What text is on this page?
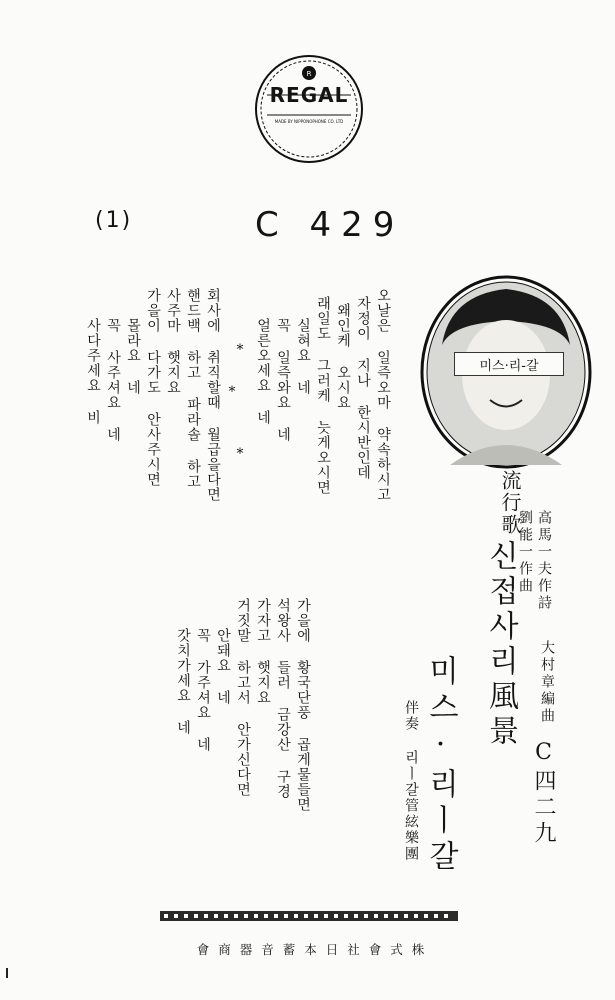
R
MADE BY NIPPONOPHONE CO. LTD
REGAL
(1)	C 429
미스·리-갈
流行歌
신접사리風景 高馬一夫作詩
劉能一作曲
大村章編曲
미스·리ㅣ갈
伴奏 리ㅣ갈管絃樂團	C四二九
오날은 일즉오마 약속하시고
자정이 지나 한시반인데
왜인케 오시요
래일도 그러케 늣게오시면
실혀요 네
꼭 일즉와요 네
얼른오세요 네
*
*
*
회사에 취직할때 월급을다면
핸드백 하고 파라솔 하고
사주마 햇지요
가을이 다가도 안사주시면
몰라요 네
꼭 사주셔요 네
사다주세요 비
가을에 황국단풍 곱게물들면
석왕사 들러 금강산 구경
가자고 햇지요
거짓말 하고서 안가신다면
안돼요 네
꼭 가주셔요 네
갓치가세요 네
株式會社日本蓄音器商會
